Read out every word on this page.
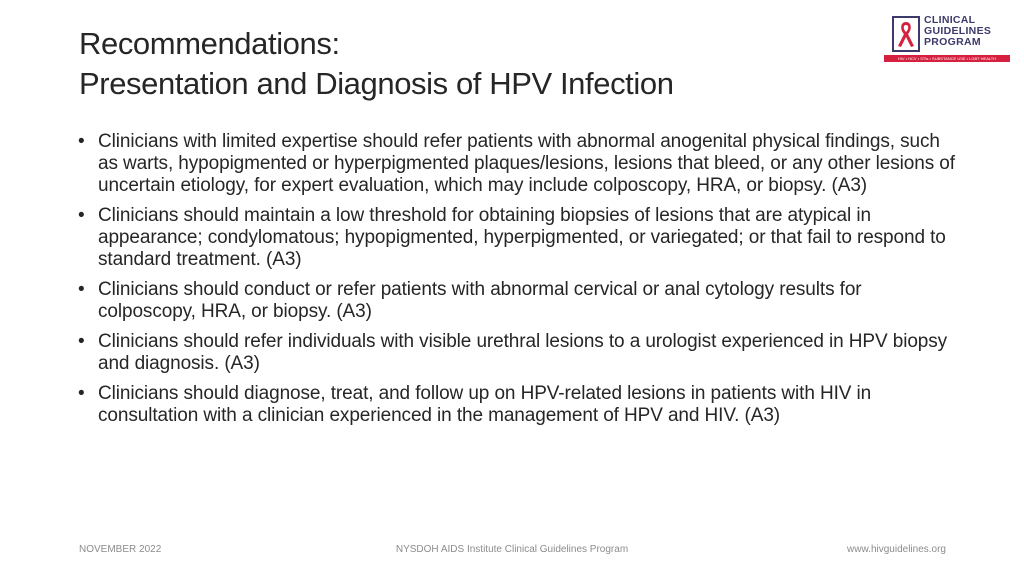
Recommendations:
Presentation and Diagnosis of HPV Infection
CLINICAL
GUIDELINES
PROGRAM
HIV • HCV • STIs • SUBSTANCE USE • LGBT HEALTH
• Clinicians with limited expertise should refer patients with abnormal anogenital physical findings, such as warts, hypopigmented or hyperpigmented plaques/lesions, lesions that bleed, or any other lesions of uncertain etiology, for expert evaluation, which may include colposcopy, HRA, or biopsy. (A3)
• Clinicians should maintain a low threshold for obtaining biopsies of lesions that are atypical in appearance; condylomatous; hypopigmented, hyperpigmented, or variegated; or that fail to respond to standard treatment. (A3)
• Clinicians should conduct or refer patients with abnormal cervical or anal cytology results for colposcopy, HRA, or biopsy. (A3)
• Clinicians should refer individuals with visible urethral lesions to a urologist experienced in HPV biopsy and diagnosis. (A3)
• Clinicians should diagnose, treat, and follow up on HPV-related lesions in patients with HIV in consultation with a clinician experienced in the management of HPV and HIV. (A3)
NOVEMBER 2022	NYSDOH AIDS Institute Clinical Guidelines Program	www.hivguidelines.org
